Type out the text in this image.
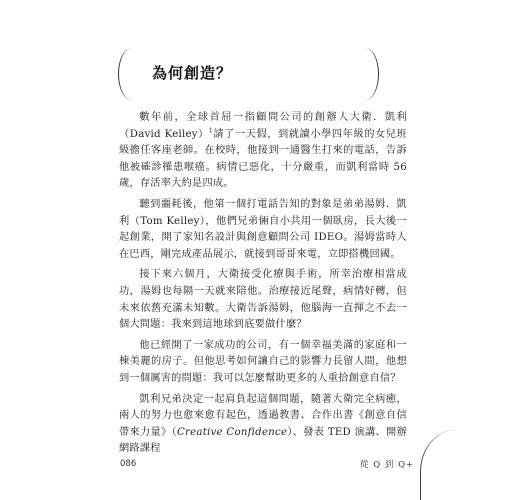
為何創造？

數年前，全球首屈一指顧問公司的創辦人大衛．凱利（David Kelley）$^1$請了一天假，到就讀小學四年級的女兒班級擔任客座老師。在校時，他接到一通醫生打來的電話，告訴他被確診罹患喉癌。病情已惡化，十分嚴重，而凱利當時 56 歲，存活率大約是四成。

聽到噩耗後，他第一個打電話告知的對象是弟弟湯姆．凱利（Tom Kelley），他們兄弟倆自小共用一個臥房，長大後一起創業，開了家知名設計與創意顧問公司 IDEO。湯姆當時人在巴西，剛完成產品展示，就接到哥哥來電，立即搭機回國。

接下來六個月，大衛接受化療與手術，所幸治療相當成功，湯姆也每隔一天就來陪他。治療接近尾聲，病情好轉，但未來依舊充滿未知數。大衛告訴湯姆，他腦海一直揮之不去一個大問題：我來到這地球到底要做什麼？

他已經開了一家成功的公司，有一個幸福美滿的家庭和一棟美麗的房子。但他思考如何讓自己的影響力長留人間，他想到一個厲害的問題：我可以怎麼幫助更多的人重拾創意自信？

凱利兄弟決定一起肩負起這個問題，隨著大衛完全病癒，兩人的努力也愈來愈有起色，透過教書、合作出書《創意自信帶來力量》（Creative Confidence）、發表 TED 演講、開辦網路課程

086	從 Q 到 Q+
